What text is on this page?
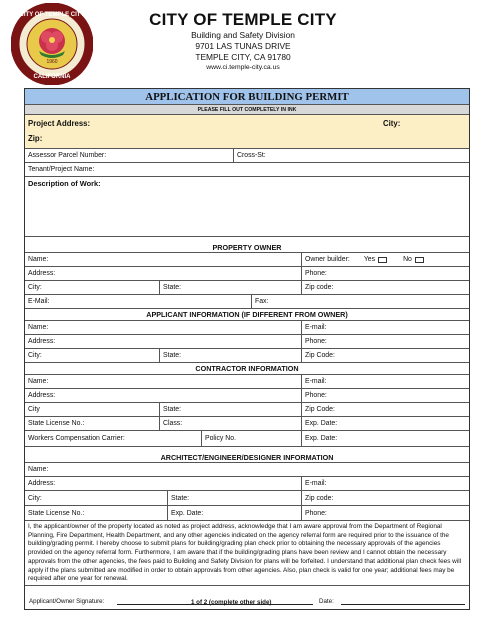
1960
CITY OF TEMPLE CITY
CALIFORNIA
CITY OF TEMPLE CITY
Building and Safety Division
9701 LAS TUNAS DRIVE
TEMPLE CITY, CA 91780
www.ci.temple-city.ca.us
APPLICATION FOR BUILDING PERMIT
PLEASE FILL OUT COMPLETELY IN INK
Project Address:	City:
Zip:
Assessor Parcel Number:	Cross-St:
Tenant/Project Name:
Description of Work:
PROPERTY OWNER
Name:	Owner builder: Yes	No
Address:	Phone:
City:	State:	Zip code:
E-Mail:	Fax:
APPLICANT INFORMATION (IF DIFFERENT FROM OWNER)
Name:	E-mail:
Address:	Phone:
City:	State:	Zip Code:
CONTRACTOR INFORMATION
Name:	E-mail:
Address:	Phone:
City	State:	Zip Code:
State License No.:	Class:	Exp. Date:
Workers Compensation Carrier:	Policy No.	Exp. Date:
ARCHITECT/ENGINEER/DESIGNER INFORMATION
Name:
Address:	E-mail:
City:	State:	Zip code:
State License No.:	Exp. Date:	Phone:
I, the applicant/owner of the property located as noted as project address, acknowledge that I am aware approval from the Department of Regional Planning, Fire Department, Health Department, and any other agencies indicated on the agency referral form are required prior to the issuance of the building/grading permit. I hereby choose to submit plans for building/grading plan check prior to obtaining the necessary approvals of the agencies provided on the agency referral form. Furthermore, I am aware that if the building/grading plans have been review and I cannot obtain the necessary approvals from the other agencies, the fees paid to Building and Safety Division for plans will be forfeited. I understand that additional plan check fees will apply if the plans submitted are modified in order to obtain approvals from other agencies. Also, plan check is valid for one year; additional fees may be required after one year for renewal.
Applicant/Owner Signature:	1 of 2 (complete other side)	Date:
